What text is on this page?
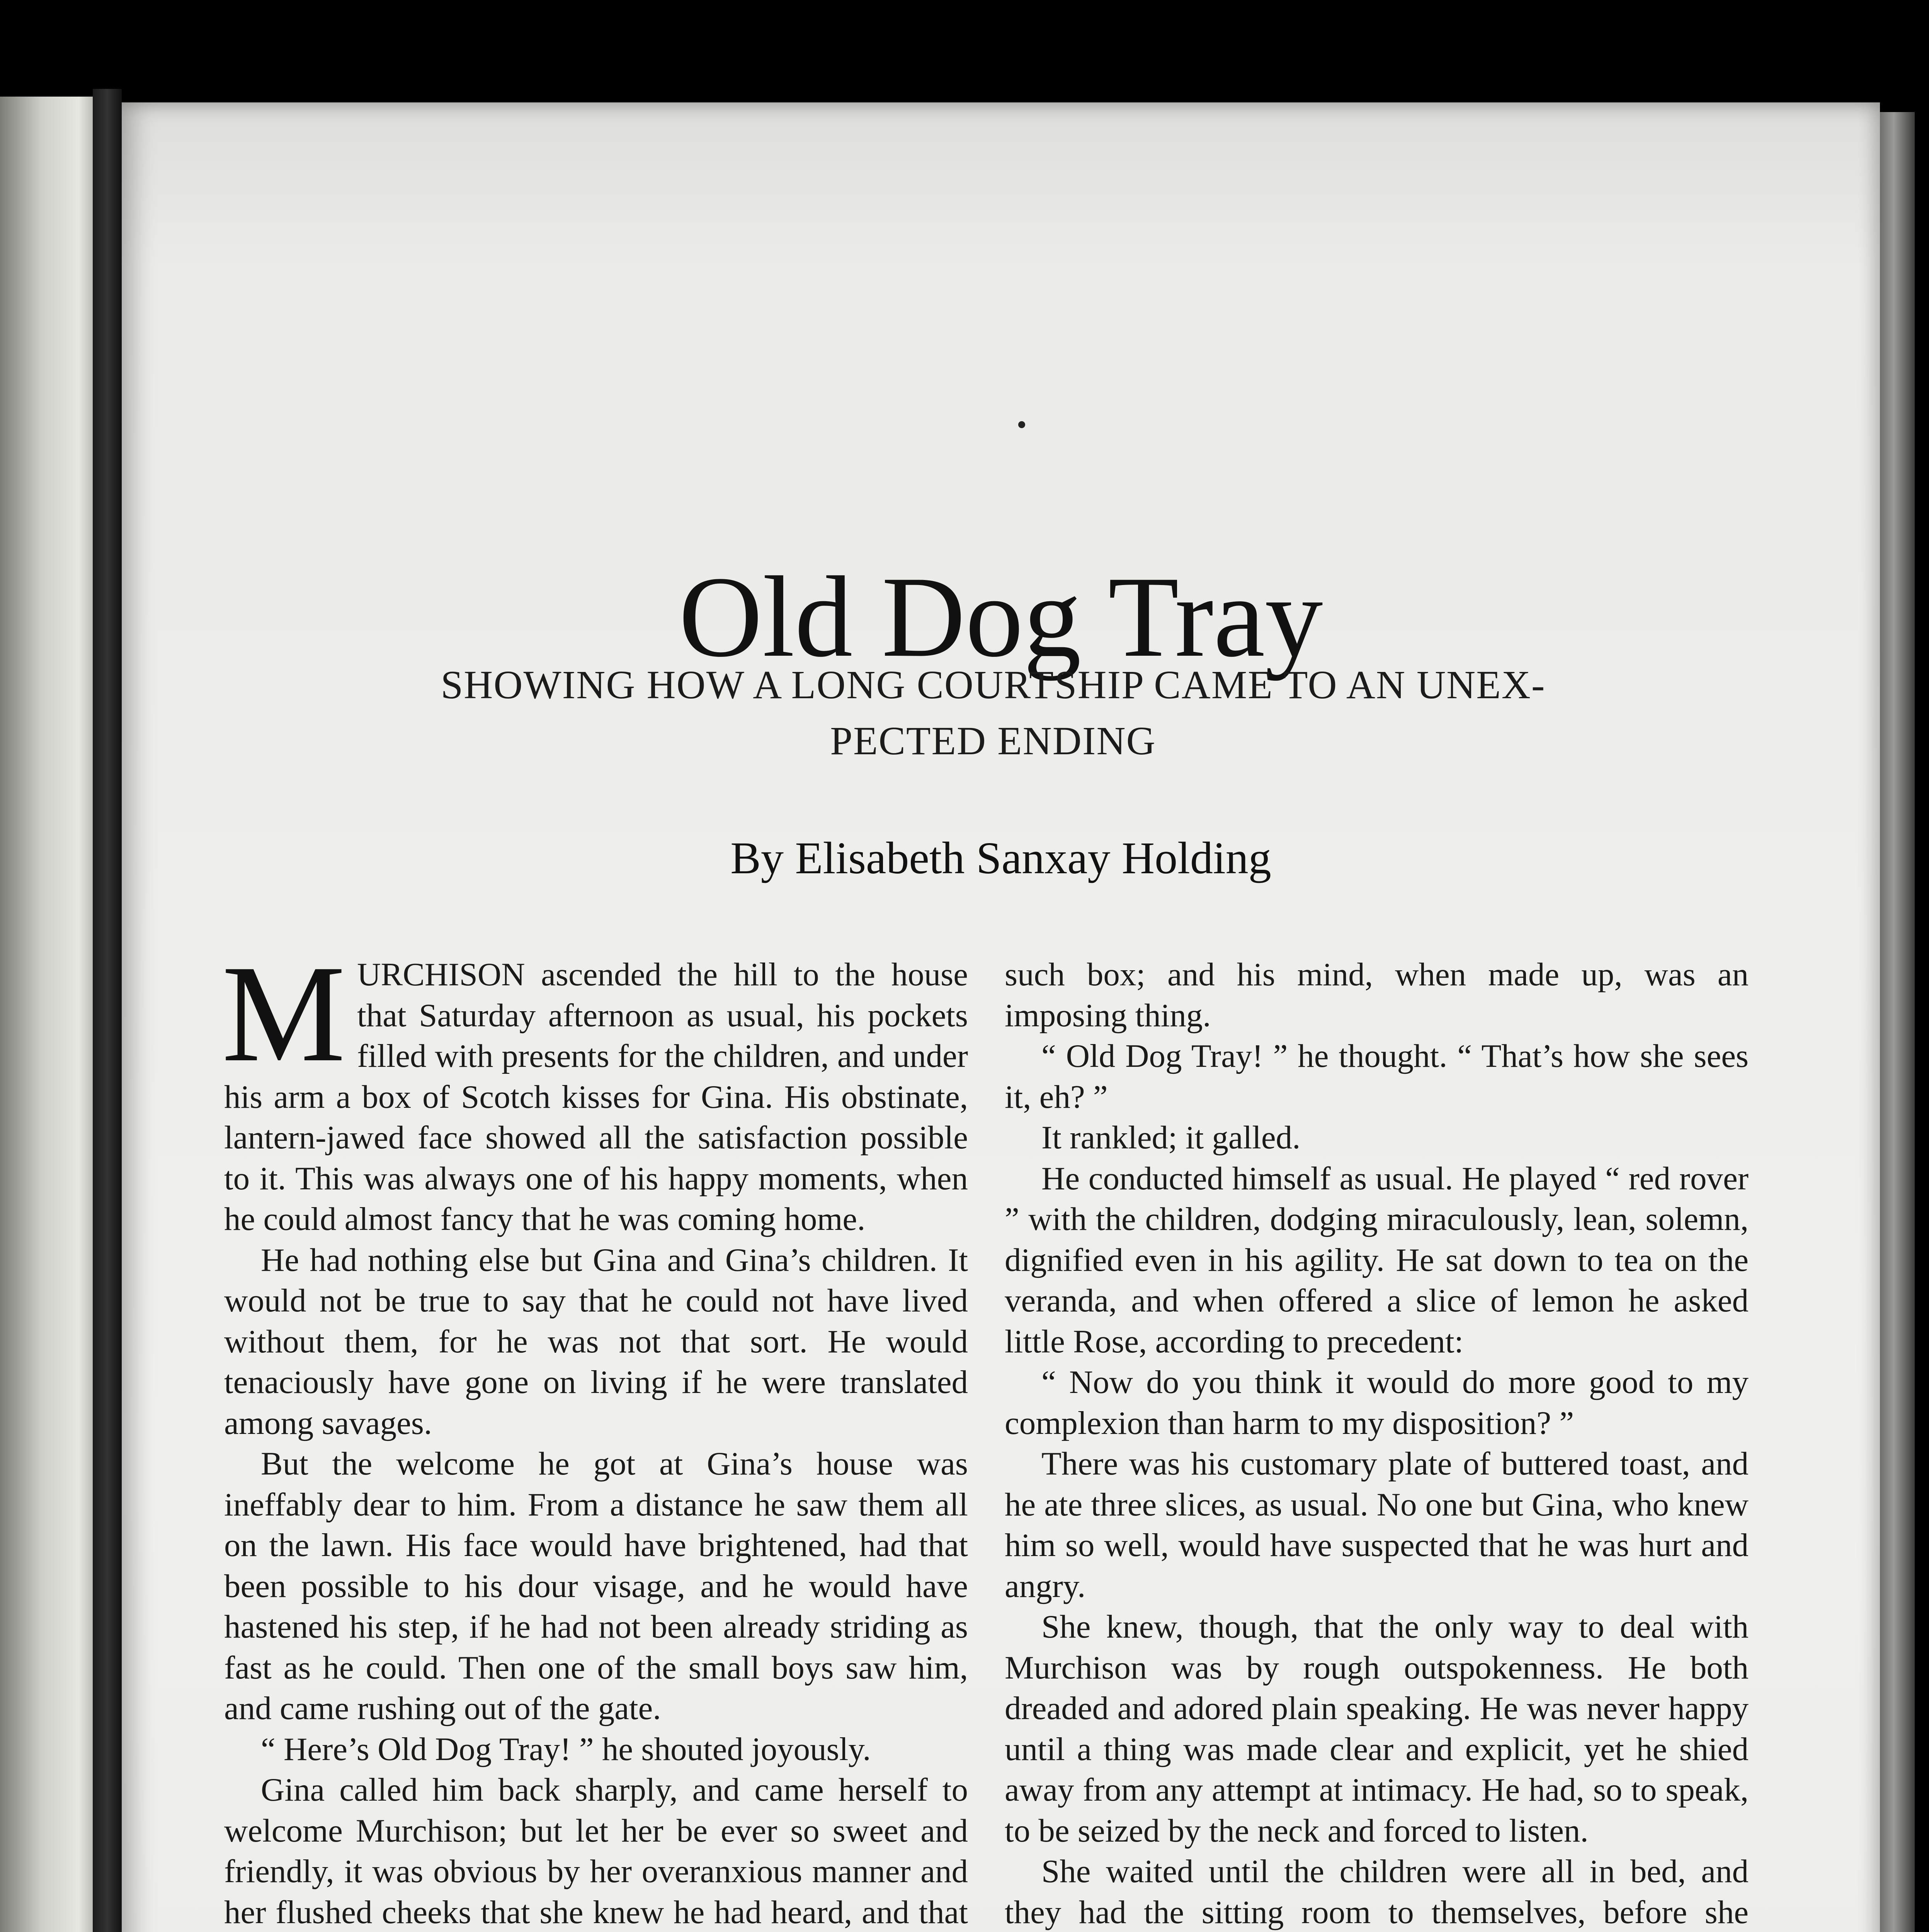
Old Dog Tray
SHOWING HOW A LONG COURTSHIP CAME TO AN UNEX-
PECTED ENDING
By Elisabeth Sanxay Holding

MURCHISON ascended the hill to the house that Saturday afternoon as usual, his pockets filled with presents for the children, and under his arm a box of Scotch kisses for Gina. His obstinate, lantern-jawed face showed all the satisfaction possible to it. This was always one of his happy moments, when he could almost fancy that he was coming home.

He had nothing else but Gina and Gina’s children. It would not be true to say that he could not have lived without them, for he was not that sort. He would tenaciously have gone on living if he were translated among savages.

But the welcome he got at Gina’s house was ineffably dear to him. From a distance he saw them all on the lawn. His face would have brightened, had that been possible to his dour visage, and he would have hastened his step, if he had not been already striding as fast as he could. Then one of the small boys saw him, and came rushing out of the gate.

“ Here’s Old Dog Tray! ” he shouted joyously.

Gina called him back sharply, and came herself to welcome Murchison; but let her be ever so sweet and friendly, it was obvious by her overanxious manner and her flushed cheeks that she knew he had heard, and that

such box; and his mind, when made up, was an imposing thing.

“ Old Dog Tray! ” he thought. “ That’s how she sees it, eh? ”

It rankled; it galled.

He conducted himself as usual. He played “ red rover ” with the children, dodging miraculously, lean, solemn, dignified even in his agility. He sat down to tea on the veranda, and when offered a slice of lemon he asked little Rose, according to precedent:

“ Now do you think it would do more good to my complexion than harm to my disposition? ”

There was his customary plate of buttered toast, and he ate three slices, as usual. No one but Gina, who knew him so well, would have suspected that he was hurt and angry.

She knew, though, that the only way to deal with Murchison was by rough outspokenness. He both dreaded and adored plain speaking. He was never happy until a thing was made clear and explicit, yet he shied away from any attempt at intimacy. He had, so to speak, to be seized by the neck and forced to listen.

She waited until the children were all in bed, and they had the sitting room to themselves, before she
